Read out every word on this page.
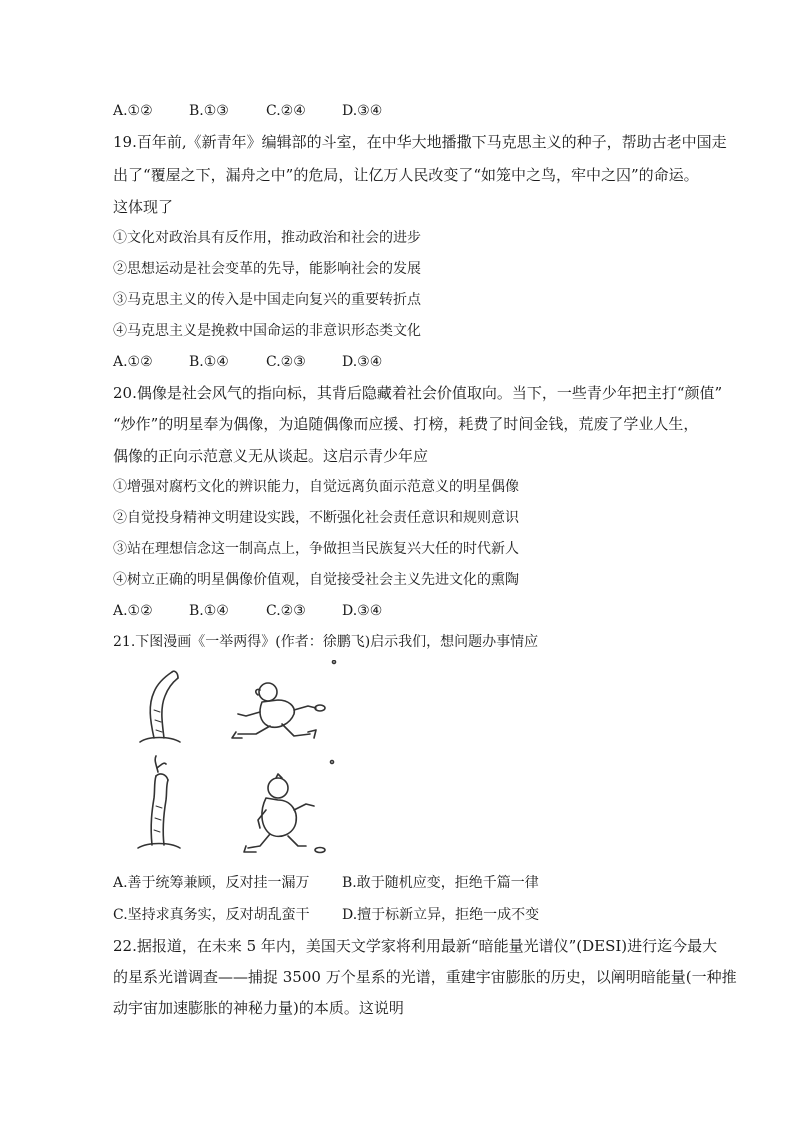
A.①②	B.①③	C.②④	D.③④
19.百年前,《新青年》编辑部的斗室，在中华大地播撒下马克思主义的种子，帮助古老中国走
出了“覆屋之下，漏舟之中”的危局，让亿万人民改变了“如笼中之鸟，牢中之囚”的命运。
这体现了
①文化对政治具有反作用，推动政治和社会的进步
②思想运动是社会变革的先导，能影响社会的发展
③马克思主义的传入是中国走向复兴的重要转折点
④马克思主义是挽救中国命运的非意识形态类文化
A.①②	B.①④	C.②③	D.③④
20.偶像是社会风气的指向标，其背后隐藏着社会价值取向。当下，一些青少年把主打“颜值”
“炒作”的明星奉为偶像，为追随偶像而应援、打榜，耗费了时间金钱，荒废了学业人生，
偶像的正向示范意义无从谈起。这启示青少年应
①增强对腐朽文化的辨识能力，自觉远离负面示范意义的明星偶像
②自觉投身精神文明建设实践，不断强化社会责任意识和规则意识
③站在理想信念这一制高点上，争做担当民族复兴大任的时代新人
④树立正确的明星偶像价值观，自觉接受社会主义先进文化的熏陶
A.①②	B.①④	C.②③	D.③④
21.下图漫画《一举两得》(作者：徐鹏飞)启示我们，想问题办事情应
A.善于统筹兼顾，反对挂一漏万 B.敢于随机应变，拒绝千篇一律
C.坚持求真务实，反对胡乱蛮干 D.擅于标新立异，拒绝一成不变
22.据报道，在未来 5 年内，美国天文学家将利用最新“暗能量光谱仪”(DESI)进行迄今最大
的星系光谱调查——捕捉 3500 万个星系的光谱，重建宇宙膨胀的历史，以阐明暗能量(一种推
动宇宙加速膨胀的神秘力量)的本质。这说明
